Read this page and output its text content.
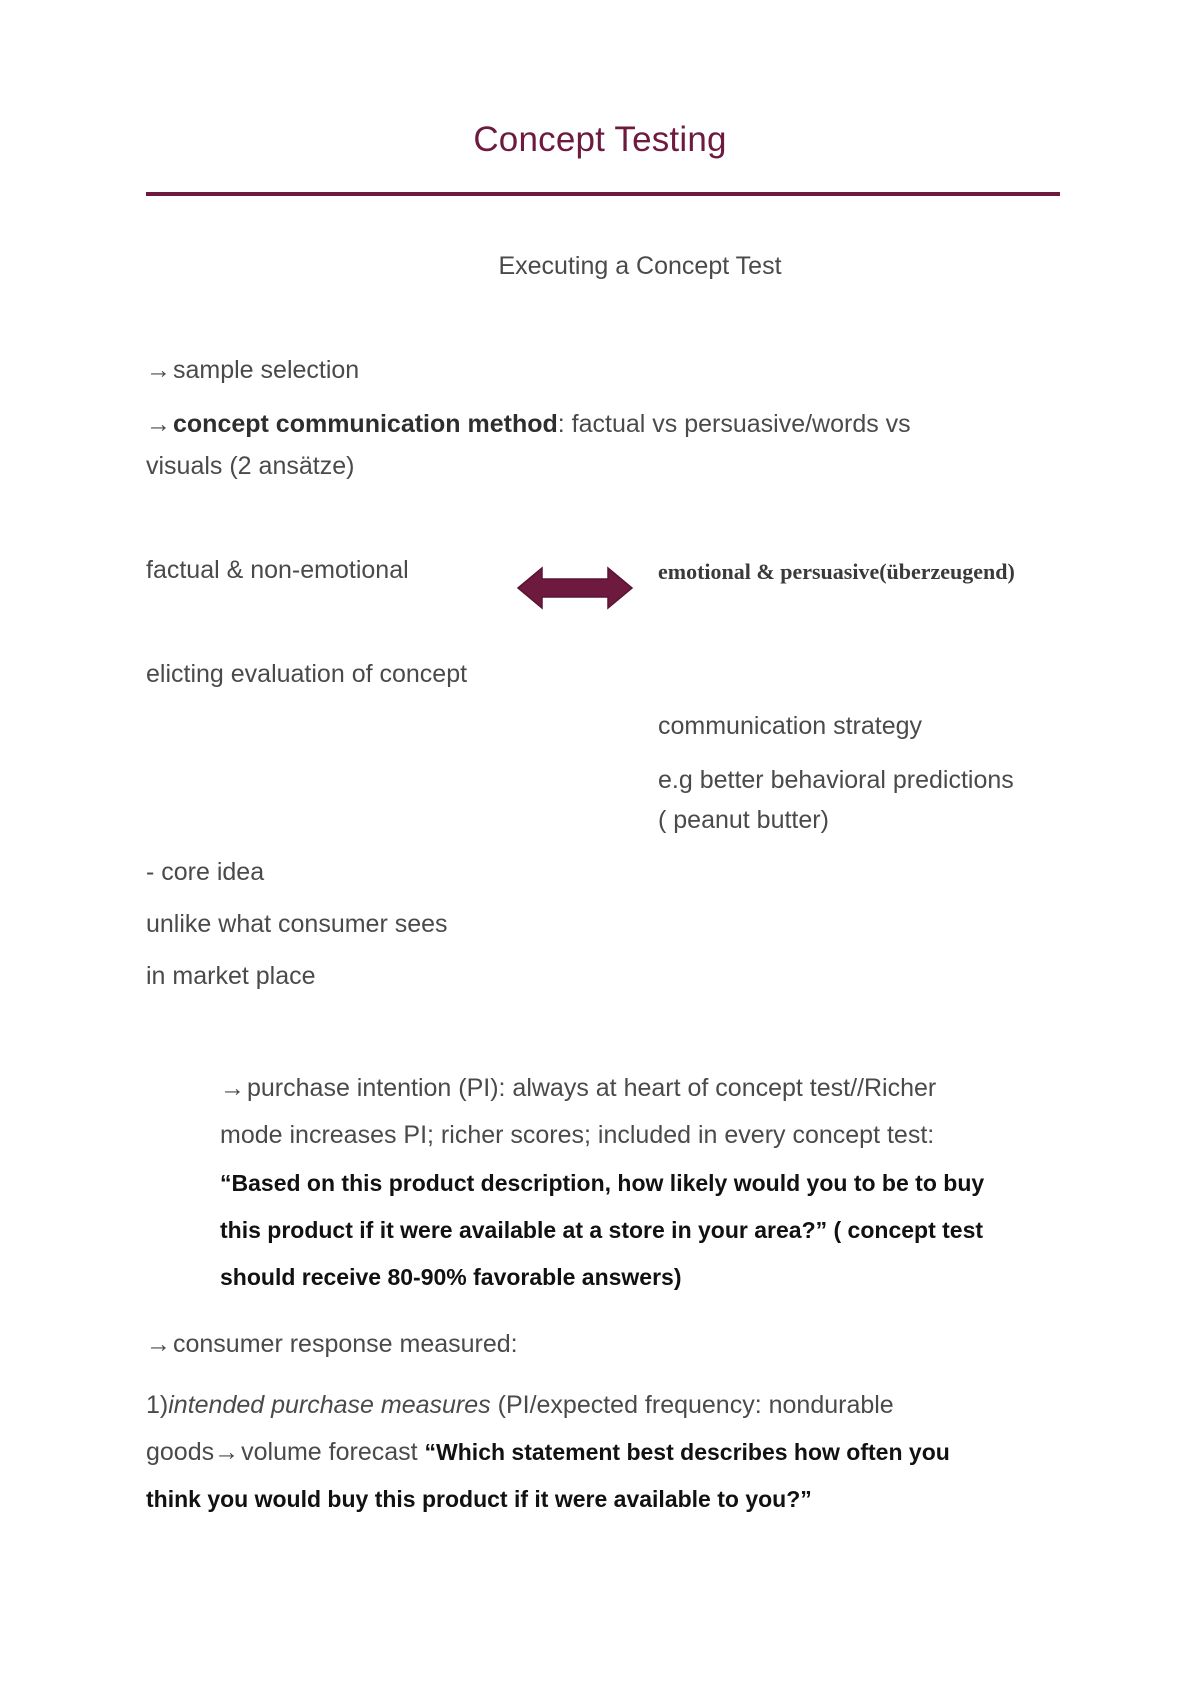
Concept Testing
Executing a Concept Test
→sample selection
→concept communication method: factual vs persuasive/words vs
visuals (2 ansätze)
factual & non-emotional	emotional & persuasive(überzeugend)
elicting evaluation of concept
communication strategy
e.g better behavioral predictions
( peanut butter)
- core idea
unlike what consumer sees
in market place
→purchase intention (PI): always at heart of concept test//Richer
mode increases PI; richer scores; included in every concept test:
“Based on this product description, how likely would you to be to buy
this product if it were available at a store in your area?” ( concept test
should receive 80-90% favorable answers)
→consumer response measured:
1)intended purchase measures (PI/expected frequency: nondurable
goods→volume forecast “Which statement best describes how often you
think you would buy this product if it were available to you?”
